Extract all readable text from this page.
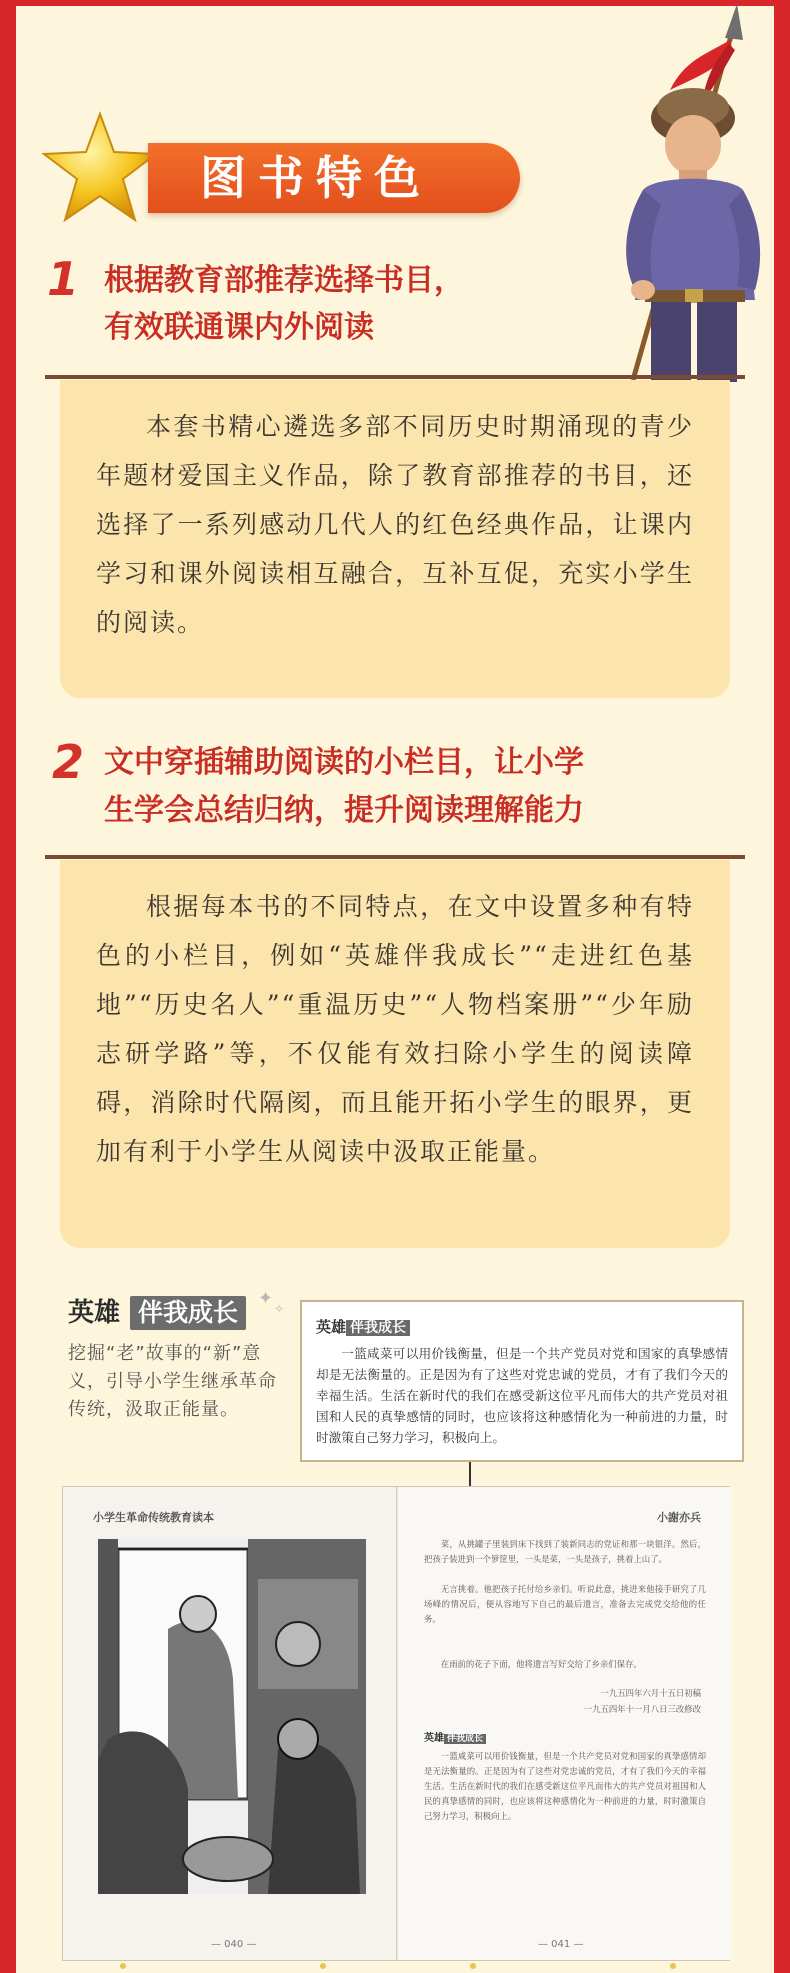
图书特色
1 根据教育部推荐选择书目，
有效联通课内外阅读

本套书精心遴选多部不同历史时期涌现的青少年题材爱国主义作品，除了教育部推荐的书目，还选择了一系列感动几代人的红色经典作品，让课内学习和课外阅读相互融合，互补互促，充实小学生的阅读。

2 文中穿插辅助阅读的小栏目，让小学
生学会总结归纳，提升阅读理解能力

根据每本书的不同特点，在文中设置多种有特色的小栏目，例如“英雄伴我成长”“走进红色基地”“历史名人”“重温历史”“人物档案册”“少年励志研学路”等，不仅能有效扫除小学生的阅读障碍，消除时代隔阂，而且能开拓小学生的眼界，更加有利于小学生从阅读中汲取正能量。

英雄 伴我成长	✦ ✧
挖掘“老”故事的“新”意义，引导小学生继承革命传统，汲取正能量。
英雄 伴我成长
一篮咸菜可以用价钱衡量，但是一个共产党员对党和国家的真挚感情却是无法衡量的。正是因为有了这些对党忠诚的党员，才有了我们今天的幸福生活。生活在新时代的我们在感受新这位平凡而伟大的共产党员对祖国和人民的真挚感情的同时，也应该将这种感情化为一种前进的力量，时时激策自己努力学习，积极向上。
小学生革命传统教育读本
— 040 —
小謝亦兵
菜，从挑罐子里装到床下找到了装新同志的党证和那一块银洋。然后，把孩子装进到一个箩筐里，一头是菜，一头是孩子，挑着上山了。
无言挑着。他把孩子托付给乡亲们。听说此意，挑进来他接手研究了几场峰的情况后，便从容地写下自己的最后遗言，准备去完成党交给他的任务。
在雨前的花子下面，他将遗言写好交给了乡亲们保存。
一九五四年六月十五日初稿
一九五四年十一月八日三改修改
英雄 伴我成长
一篮咸菜可以用价钱衡量，但是一个共产党员对党和国家的真挚感情却是无法衡量的。正是因为有了这些对党忠诚的党员，才有了我们今天的幸福生活。生活在新时代的我们在感受新这位平凡而伟大的共产党员对祖国和人民的真挚感情的同时，也应该将这种感情化为一种前进的力量，时时激策自己努力学习，积极向上。
— 041 —
